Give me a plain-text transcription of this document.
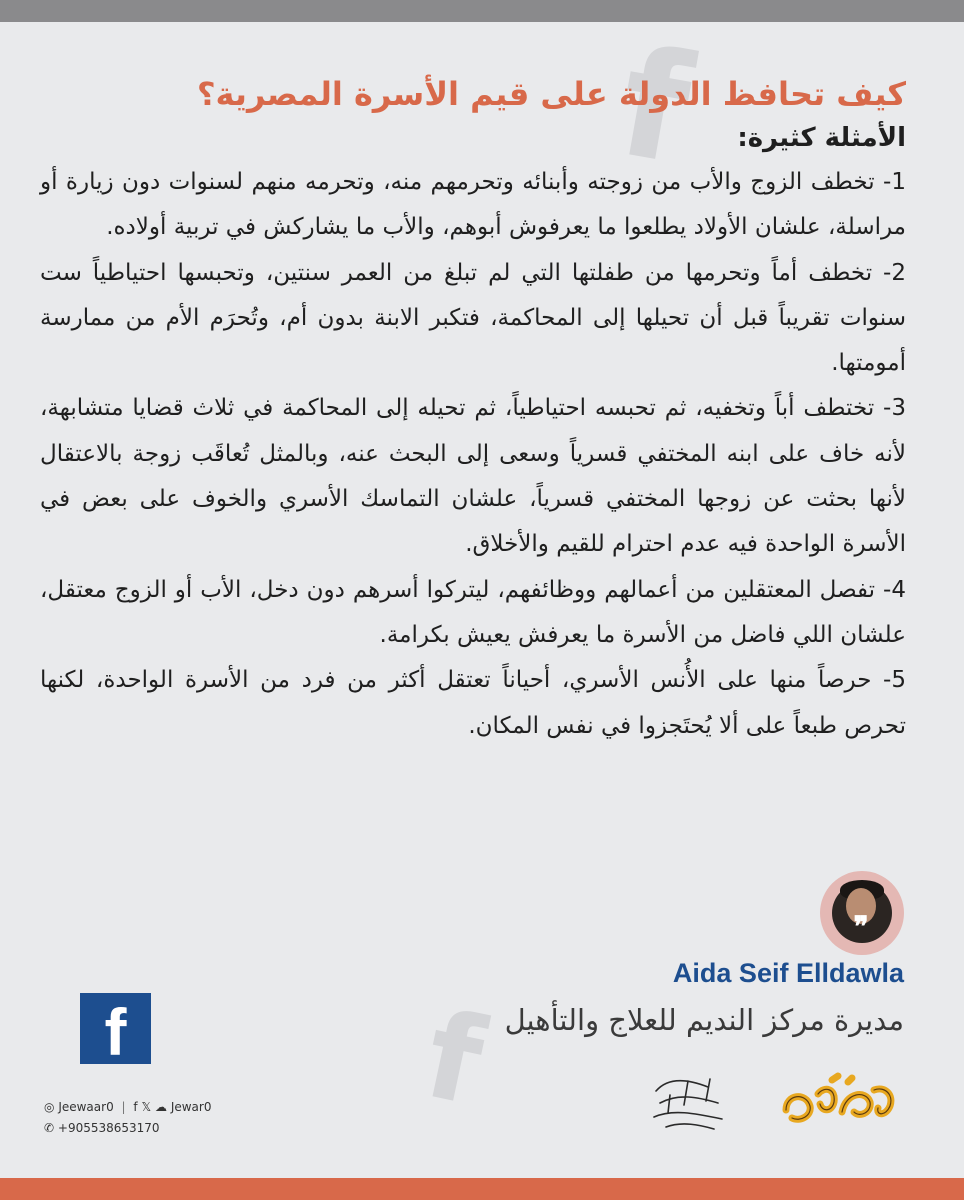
f
f
كيف تحافظ الدولة على قيم الأسرة المصرية؟
الأمثلة كثيرة:

1- تخطف الزوج والأب من زوجته وأبنائه وتحرمهم منه، وتحرمه منهم لسنوات دون زيارة أو مراسلة، علشان الأولاد يطلعوا ما يعرفوش أبوهم، والأب ما يشاركش في تربية أولاده.

2- تخطف أماً وتحرمها من طفلتها التي لم تبلغ من العمر سنتين، وتحبسها احتياطياً ست سنوات تقريباً قبل أن تحيلها إلى المحاكمة، فتكبر الابنة بدون أم، وتُحرَم الأم من ممارسة أمومتها.

3- تختطف أباً وتخفيه، ثم تحبسه احتياطياً، ثم تحيله إلى المحاكمة في ثلاث قضايا متشابهة، لأنه خاف على ابنه المختفي قسرياً وسعى إلى البحث عنه، وبالمثل تُعاقَب زوجة بالاعتقال لأنها بحثت عن زوجها المختفي قسرياً، علشان التماسك الأسري والخوف على بعض في الأسرة الواحدة فيه عدم احترام للقيم والأخلاق.

4- تفصل المعتقلين من أعمالهم ووظائفهم، ليتركوا أسرهم دون دخل، الأب أو الزوج معتقل، علشان اللي فاضل من الأسرة ما يعرفش يعيش بكرامة.

5- حرصاً منها على الأُنس الأسري، أحياناً تعتقل أكثر من فرد من الأسرة الواحدة، لكنها تحرص طبعاً على ألا يُحتَجزوا في نفس المكان.

❞
Aida Seif Elldawla
مديرة مركز النديم للعلاج والتأهيل
f
◎ Jeewaar0 | f 𝕏 ☁ Jewar0
✆ +905538653170
